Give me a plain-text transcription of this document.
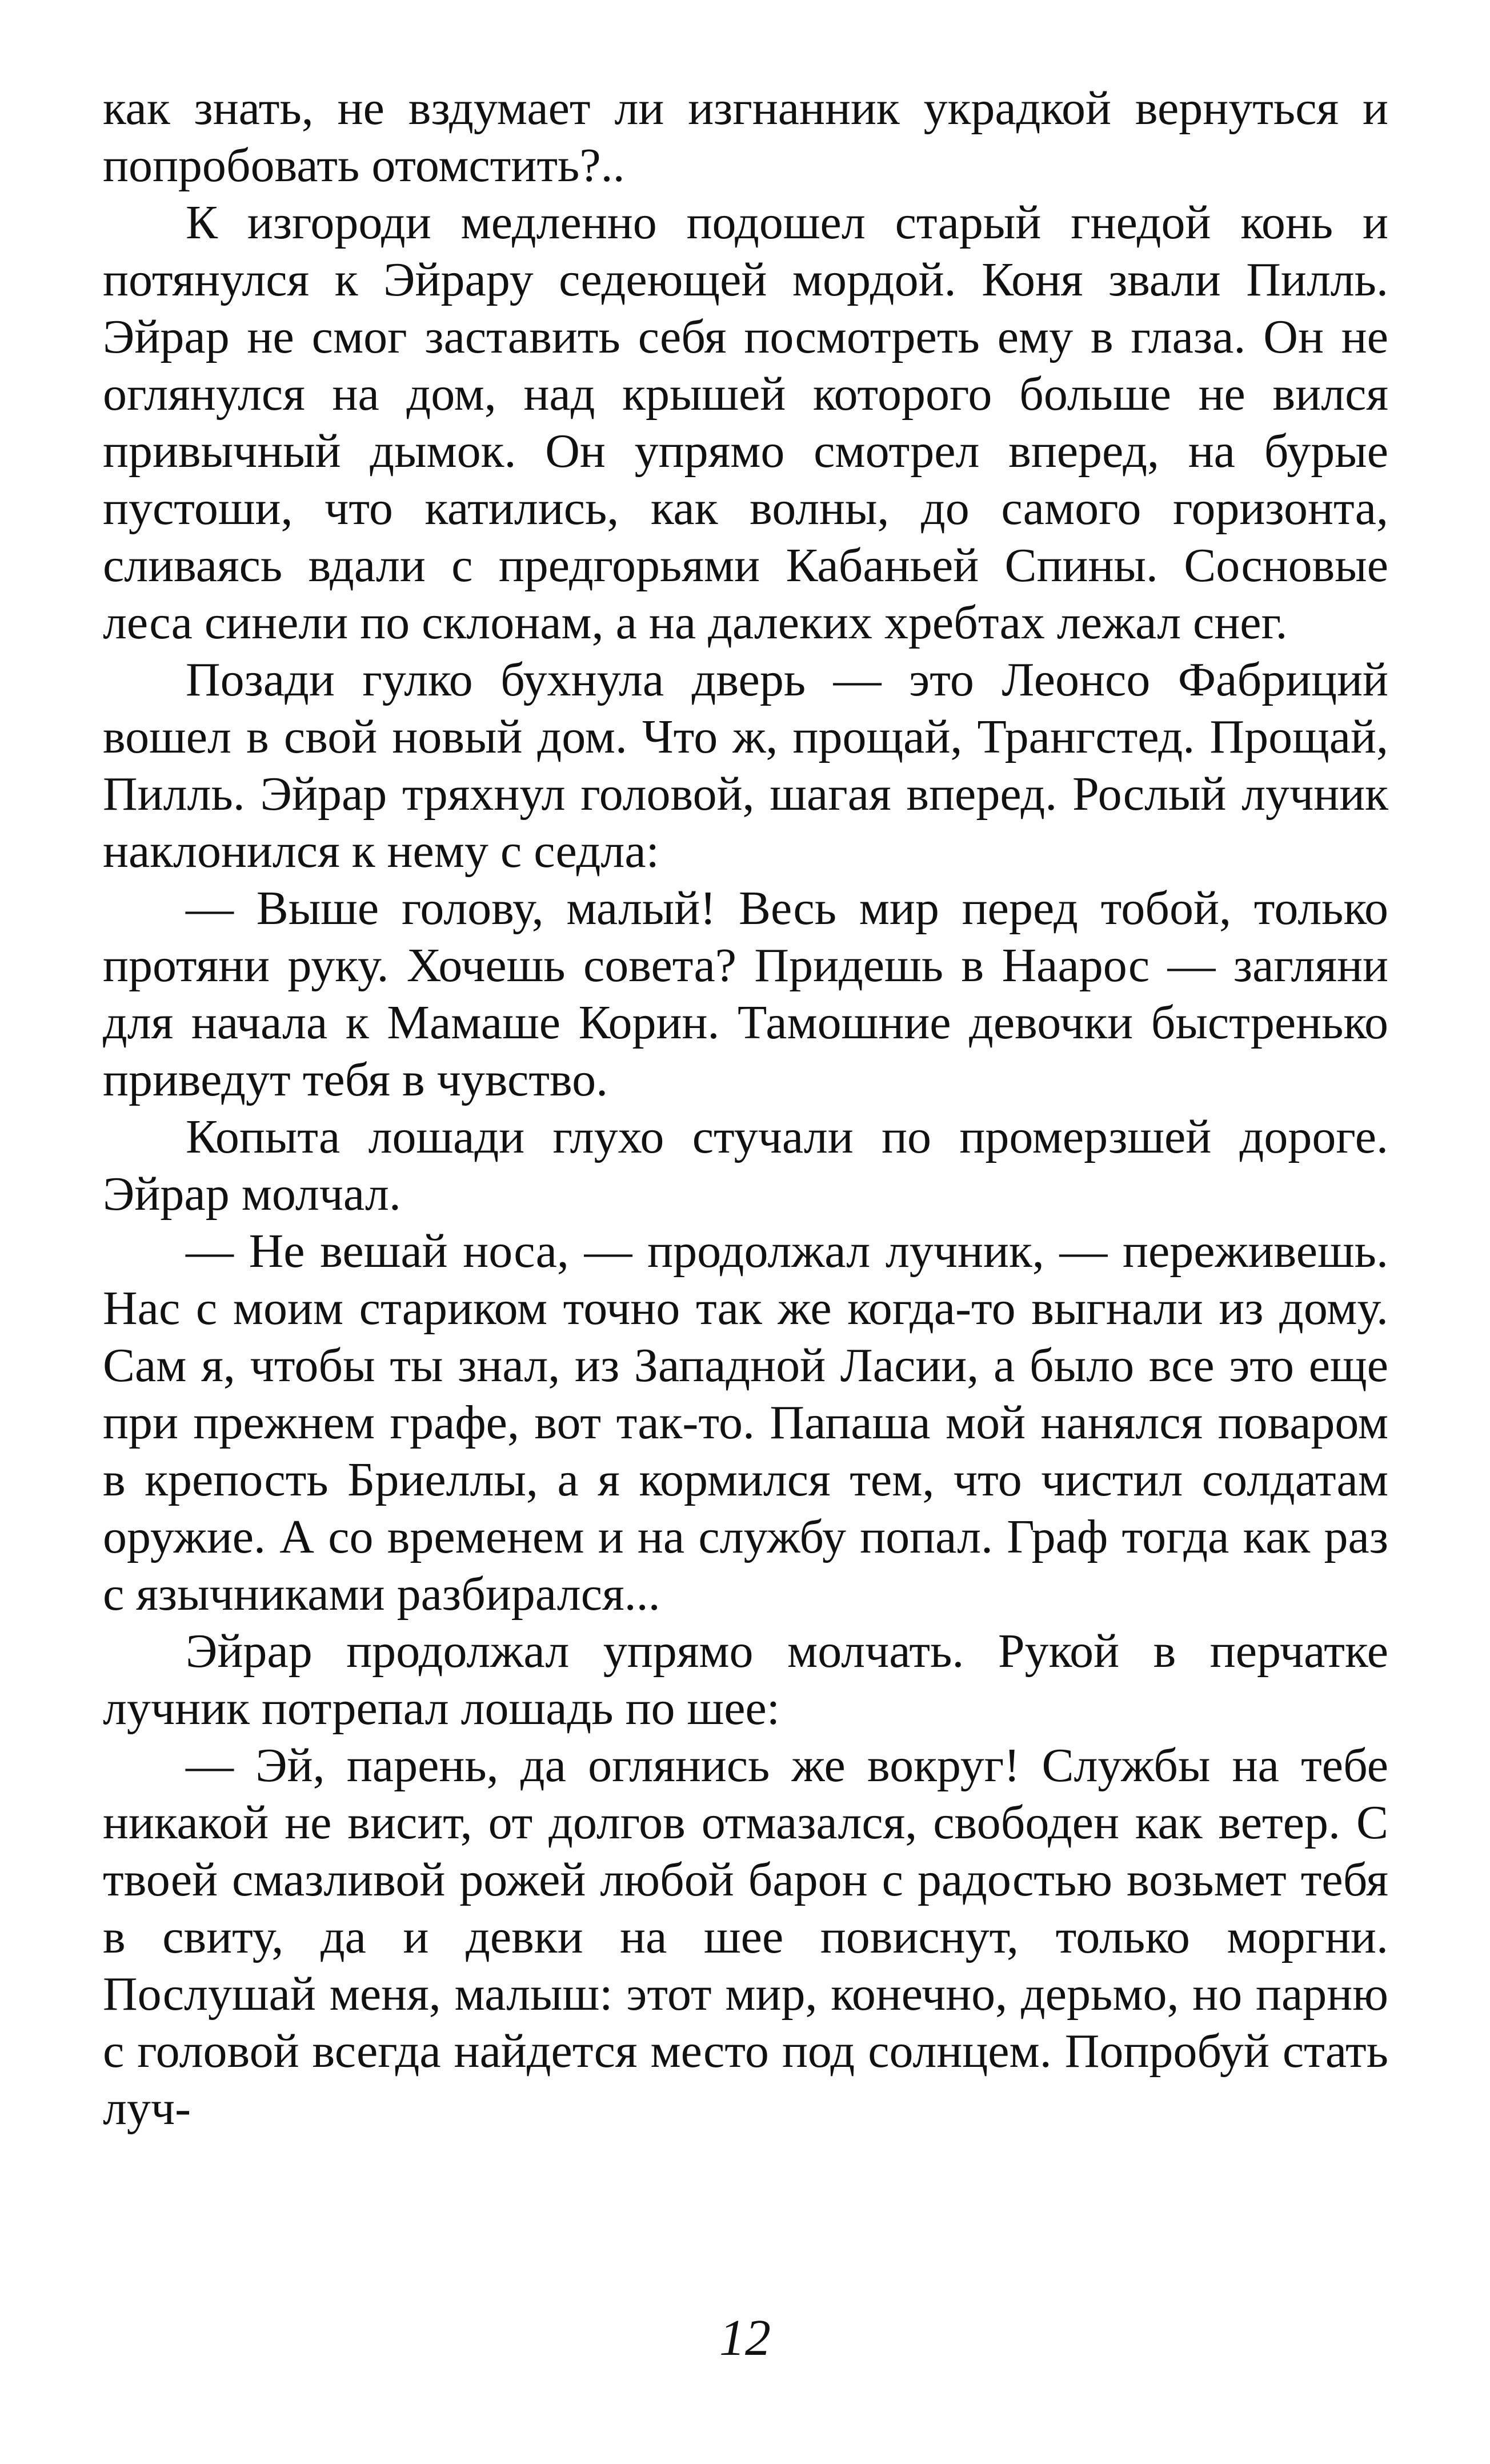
как знать, не вздумает ли изгнанник украдкой вернуться и попробовать отомстить?..

К изгороди медленно подошел старый гнедой конь и потянулся к Эйрару седеющей мордой. Коня звали Пилль. Эйрар не смог заставить себя посмотреть ему в глаза. Он не оглянулся на дом, над крышей которого больше не вился привычный дымок. Он упрямо смотрел вперед, на бурые пустоши, что катились, как волны, до самого горизонта, сливаясь вдали с предгорьями Кабаньей Спины. Сосновые леса синели по склонам, а на далеких хребтах лежал снег.

Позади гулко бухнула дверь — это Леонсо Фабриций вошел в свой новый дом. Что ж, прощай, Трангстед. Прощай, Пилль. Эйрар тряхнул головой, шагая вперед. Рослый лучник наклонился к нему с седла:

— Выше голову, малый! Весь мир перед тобой, только протяни руку. Хочешь совета? Придешь в Наарос — загляни для начала к Мамаше Корин. Тамошние девочки быстренько приведут тебя в чувство.

Копыта лошади глухо стучали по промерзшей дороге. Эйрар молчал.

— Не вешай носа, — продолжал лучник, — переживешь. Нас с моим стариком точно так же когда-то выгнали из дому. Сам я, чтобы ты знал, из Западной Ласии, а было все это еще при прежнем графе, вот так-то. Папаша мой нанялся поваром в крепость Бриеллы, а я кормился тем, что чистил солдатам оружие. А со временем и на службу попал. Граф тогда как раз с язычниками разбирался...

Эйрар продолжал упрямо молчать. Рукой в перчатке лучник потрепал лошадь по шее:

— Эй, парень, да оглянись же вокруг! Службы на тебе никакой не висит, от долгов отмазался, свободен как ветер. С твоей смазливой рожей любой барон с радостью возьмет тебя в свиту, да и девки на шее повиснут, только моргни. Послушай меня, малыш: этот мир, конечно, дерьмо, но парню с головой всегда найдется место под солнцем. Попробуй стать луч-

12
